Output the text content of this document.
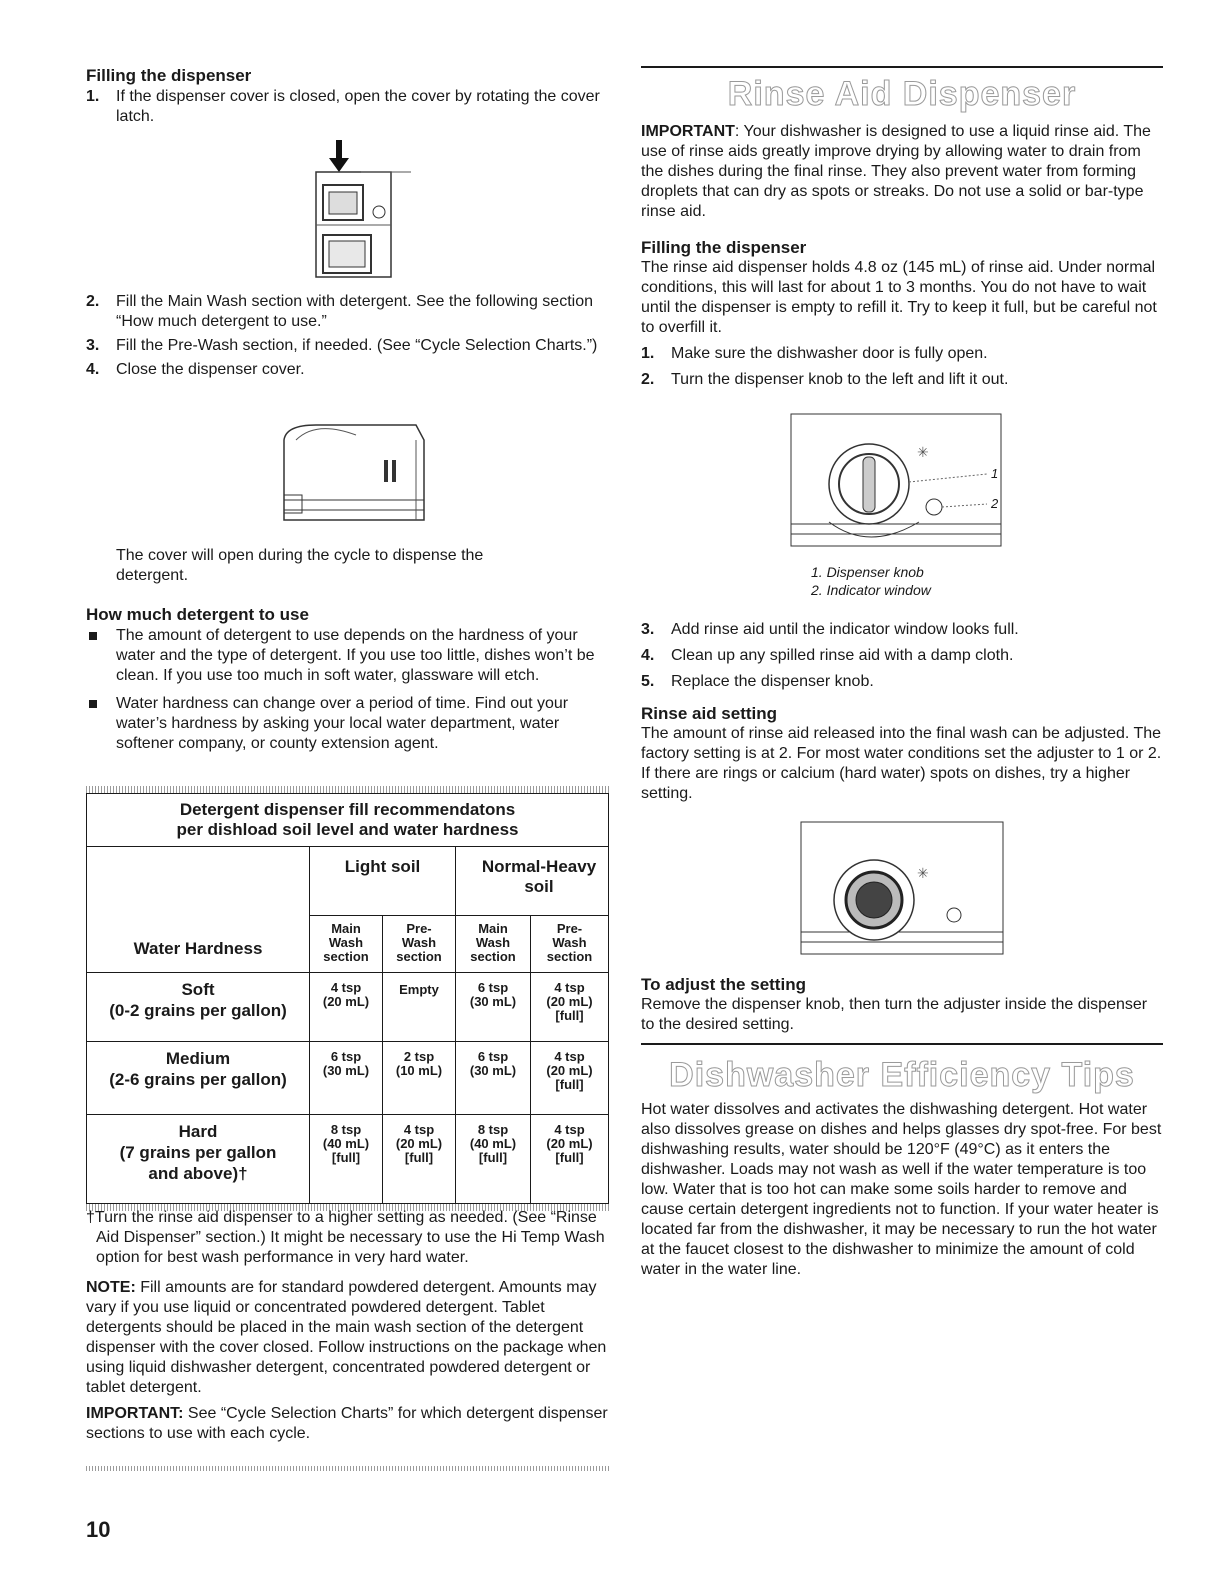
Filling the dispenser

1. If the dispenser cover is closed, open the cover by rotating the cover latch.
2. Fill the Main Wash section with detergent. See the following section “How much detergent to use.”
3. Fill the Pre-Wash section, if needed. (See “Cycle Selection Charts.”)
4. Close the dispenser cover.

The cover will open during the cycle to dispense the detergent.

How much detergent to use

The amount of detergent to use depends on the hardness of your water and the type of detergent. If you use too little, dishes won’t be clean. If you use too much in soft water, glassware will etch.
Water hardness can change over a period of time. Find out your water’s hardness by asking your local water department, water softener company, or county extension agent.
Detergent dispenser fill recommendatons
per dishload soil level and water hardness				

Water Hardness	Light soil		Normal-Heavy soil	
	Main Wash section	Pre- Wash section	Main Wash section	Pre- Wash section

Soft
(0-2 grains per gallon)	4 tsp (20 mL)	Empty	6 tsp (30 mL)	4 tsp (20 mL) [full]

Medium
(2-6 grains per gallon)	6 tsp (30 mL)	2 tsp (10 mL)	6 tsp (30 mL)	4 tsp (20 mL) [full]

Hard
(7 grains per gallon and above)†	8 tsp (40 mL) [full]	4 tsp (20 mL) [full]	8 tsp (40 mL) [full]	4 tsp (20 mL) [full]

†Turn the rinse aid dispenser to a higher setting as needed. (See “Rinse Aid Dispenser” section.) It might be necessary to use the Hi Temp Wash option for best wash performance in very hard water.

NOTE: Fill amounts are for standard powdered detergent. Amounts may vary if you use liquid or concentrated powdered detergent. Tablet detergents should be placed in the main wash section of the detergent dispenser with the cover closed. Follow instructions on the package when using liquid dishwasher detergent, concentrated powdered detergent or tablet detergent.

IMPORTANT: See “Cycle Selection Charts” for which detergent dispenser sections to use with each cycle.

Rinse Aid Dispenser

IMPORTANT: Your dishwasher is designed to use a liquid rinse aid. The use of rinse aids greatly improve drying by allowing water to drain from the dishes during the final rinse. They also prevent water from forming droplets that can dry as spots or streaks. Do not use a solid or bar-type rinse aid.

Filling the dispenser

The rinse aid dispenser holds 4.8 oz (145 mL) of rinse aid. Under normal conditions, this will last for about 1 to 3 months. You do not have to wait until the dispenser is empty to refill it. Try to keep it full, but be careful not to overfill it.

1. Make sure the dishwasher door is fully open.
2. Turn the dispenser knob to the left and lift it out.
✳
1
2
1. Dispenser knob
2. Indicator window
3. Add rinse aid until the indicator window looks full.
4. Clean up any spilled rinse aid with a damp cloth.
5. Replace the dispenser knob.

Rinse aid setting

The amount of rinse aid released into the final wash can be adjusted. The factory setting is at 2. For most water conditions set the adjuster to 1 or 2. If there are rings or calcium (hard water) spots on dishes, try a higher setting.

✳

To adjust the setting

Remove the dispenser knob, then turn the adjuster inside the dispenser to the desired setting.

Dishwasher Efficiency Tips

Hot water dissolves and activates the dishwashing detergent. Hot water also dissolves grease on dishes and helps glasses dry spot-free. For best dishwashing results, water should be 120°F (49°C) as it enters the dishwasher. Loads may not wash as well if the water temperature is too low. Water that is too hot can make some soils harder to remove and cause certain detergent ingredients not to function. If your water heater is located far from the dishwasher, it may be necessary to run the hot water at the faucet closest to the dishwasher to minimize the amount of cold water in the water line.

10
